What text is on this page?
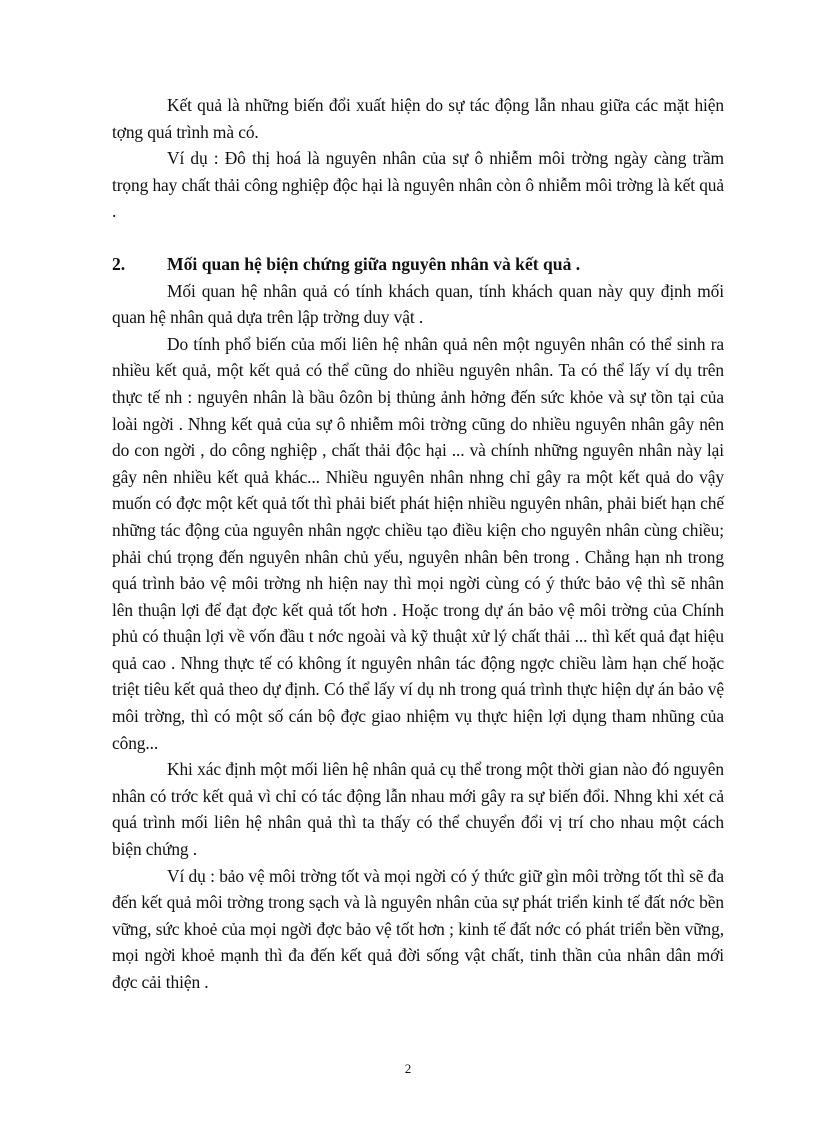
Kết quả là những biến đổi xuất hiện do sự tác động lẫn nhau giữa các mặt hiện tợng quá trình mà có.

Ví dụ : Đô thị hoá là nguyên nhân của sự ô nhiễm môi trờng ngày càng trầm trọng hay chất thải công nghiệp độc hại là nguyên nhân còn ô nhiễm môi trờng là kết quả .

2.	Mối quan hệ biện chứng giữa nguyên nhân và kết quả .

Mối quan hệ nhân quả có tính khách quan, tính khách quan này quy định mối quan hệ nhân quả dựa trên lập trờng duy vật .

Do tính phổ biến của mối liên hệ nhân quả nên một nguyên nhân có thể sinh ra nhiều kết quả, một kết quả có thể cũng do nhiều nguyên nhân. Ta có thể lấy ví dụ trên thực tế nh : nguyên nhân là bầu ôzôn bị thủng ảnh hởng đến sức khỏe và sự tồn tại của loài ngời . Nhng kết quả của sự ô nhiễm môi trờng cũng do nhiều nguyên nhân gây nên do con ngời , do công nghiệp , chất thải độc hại ... và chính những nguyên nhân này lại gây nên nhiều kết quả khác... Nhiều nguyên nhân nhng chỉ gây ra một kết quả do vậy muốn có đợc một kết quả tốt thì phải biết phát hiện nhiều nguyên nhân, phải biết hạn chế những tác động của nguyên nhân ngợc chiều tạo điều kiện cho nguyên nhân cùng chiều; phải chú trọng đến nguyên nhân chủ yếu, nguyên nhân bên trong . Chẳng hạn nh trong quá trình bảo vệ môi trờng nh hiện nay thì mọi ngời cùng có ý thức bảo vệ thì sẽ nhân lên thuận lợi để đạt đợc kết quả tốt hơn . Hoặc trong dự án bảo vệ môi trờng của Chính phủ có thuận lợi về vốn đầu t nớc ngoài và kỹ thuật xử lý chất thải ... thì kết quả đạt hiệu quả cao . Nhng thực tế có không ít nguyên nhân tác động ngợc chiều làm hạn chế hoặc triệt tiêu kết quả theo dự định. Có thể lấy ví dụ nh trong quá trình thực hiện dự án bảo vệ môi trờng, thì có một số cán bộ đợc giao nhiệm vụ thực hiện lợi dụng tham nhũng của công...

Khi xác định một mối liên hệ nhân quả cụ thể trong một thời gian nào đó nguyên nhân có trớc kết quả vì chỉ có tác động lẫn nhau mới gây ra sự biến đổi. Nhng khi xét cả quá trình mối liên hệ nhân quả thì ta thấy có thể chuyển đổi vị trí cho nhau một cách biện chứng .

Ví dụ : bảo vệ môi trờng tốt và mọi ngời có ý thức giữ gìn môi trờng tốt thì sẽ đa đến kết quả môi trờng trong sạch và là nguyên nhân của sự phát triển kinh tế đất nớc bền vững, sức khoẻ của mọi ngời đợc bảo vệ tốt hơn ; kinh tế đất nớc có phát triển bền vững, mọi ngời khoẻ mạnh thì đa đến kết quả đời sống vật chất, tinh thần của nhân dân mới đợc cải thiện .

2
